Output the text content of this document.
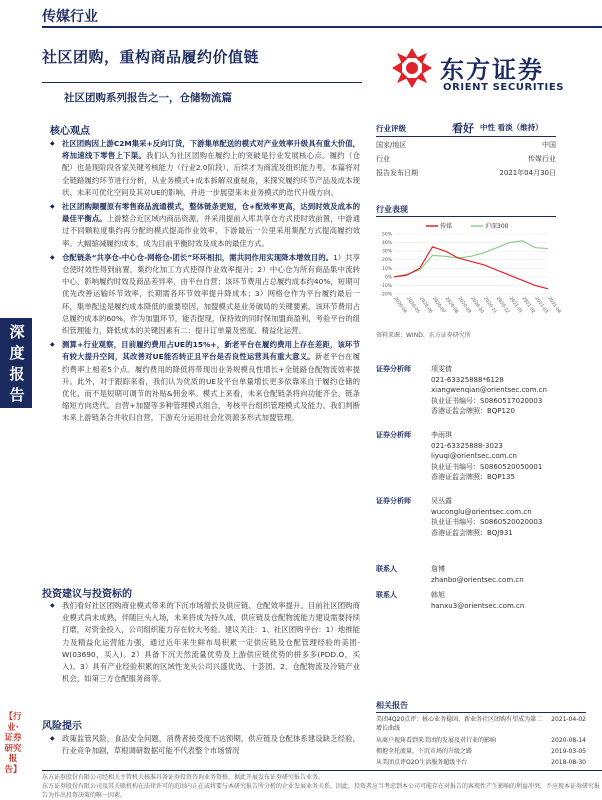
传媒行业
社区团购，重构商品履约价值链
社区团购系列报告之一，仓储物流篇
东方证券
ORIENT SECURITIES
深度报告
【行业·证券研究报告】
核心观点
◆ 社区团购因上游C2M集采+反向订货，下游集单配送的模式对产业效率升级具有重大价值，将加速线下零售上下渠。我们认为社区团购在履约上的突破是行业发展核心点。履约（仓配）也是现阶段各家关键考核能力（行业2.0阶段），后续才为商流及组织能力考。本篇将对全链路履约环节进行分析，从业务模式+成本拆解双重视角，来探究履约环节产品及成本现状、未来可优化空间及其对UE的影响，并进一步展望来未业务模式的迭代升级方向。
◆ 社区团购颠覆原有零售商品流通模式，整体链条更短，仓+配效率更高，达到时效及成本的最佳平衡点。上游整合近区域内商品资源，并采用提前入库共享仓方式使时效前置，中游通过不同颗粒度集约再分配的模式提高作业效率，下游最后一公里采用集配方式提高履约效率。大幅缩减履约成本，成为目前平衡时效及成本的最佳方式。
◆ 仓配链条“共享仓-中心仓-网格仓-团长”环环相扣，需共同作用实现降本增效目的。1）共享仓使时效性得到前置，集约化加工方式使得作业效率提升；2）中心仓为所有商品集中流转中心，影响履约时效及商品差异率，由平台自营；该环节费用占总履约成本约40%，短期可优先改善运输环节效率，长期需各环节效率提升降成本；3）网格仓作为平台履约最后一环，集单配送是履约成本降低的重要原因，加盟模式是业务破局的关键要素。该环节费用占总履约成本的60%，作为加盟环节，能否提现，保持效的同时保加盟商盈利，考验平台的组织管理能力，降低成本的关键因素有二：提升订单量及密度、精益化运营。
◆ 测算+行业观察，目前履约费用占UE的15%+，新老平台在履约费用上存在差距，该环节有较大提升空间，其改善对UE能否转正且平台是否良性运营具有重大意义。新老平台在履约费率上相差5个点。履约费用的降低将带现出业务规模良性增长+全链路仓配物流效率提升。此外，对于跟踪来看，我们认为优质的UE及平台单量增长更多依靠来自于履约仓储的优化，而不是短期可调节的补贴&佣金率。模式上来看，未来仓配链条将向功能齐全、链条缩短方向迭代。自营+加盟等多种管理模式组合，考核平台组织管理模式及能力。我们判断未来上游链条合并收归自营，下游充分运用社会化资源多形式加盟管理。
投资建议与投资标的
◆ 我们看好社区团购商业模式带来的下沉市场增长及供应链、仓配效率提升。目前社区团购商业模式尚未成熟，伴随巨头入场，未来将成为持久战，供应链及仓配物流能力建设需要持续打磨，对资金投入，公司组织能力存在较大考验。建议关注：1、社区团购平台：1）地推能力及精益化运营能力强，通过近年来生鲜布局积累一定供应链及仓配管理经验的美团-W(03690，买入)。2）具备下沉天然流量优势及上游供应链优势的拼多多(PDD.O，买入)。3）具有产业经验积累的区域性龙头公司兴盛优选、十荟团。2、仓配物流及冷链产业机会，如第三方仓配服务商等。
风险提示
◆ 政策监管风险，食品安全问题，消费者接受度不达预期，供应链及仓配体系建设缺乏经验，行业竞争加剧，草根调研数据可能不代表整个市场情况
行业评级	看好 中性 看淡（维持）
国家/地区	中国
行业	传媒行业
报告发布日期	2021年04月30日
行业表现
-20%
-10%
0%
10%
20%
30%
40%
50%
2020-04
2020-05
2020-06
2020-07
2020-08
2020-09
2020-10
2020-11
2020-12
2021-01
2021-02
2021-03
2021-04
传媒	沪深300
资料来源：WIND、东方证券研究所
证券分析师	项雯倩
021-63325888*6128
xiangwenqian@orientsec.com.cn
执业证书编号：S0860517020003
香港证监会牌照：BQP120
证券分析师	李雨琪
021-63325888-3023
liyuqi@orientsec.com.cn
执业证书编号：S0860520050001
香港证监会牌照：BQP135
证券分析师	吴丛露
wuconglu@orientsec.com.cn
执业证书编号：S0860520020003
香港证监会牌照：BQJ931
联系人	詹博
zhanbo@orientsec.com.cn
联系人	韩旭
hanxu3@orientsec.com.cn
相关报告
美团4Q20点评：核心业务稳固，新业务社区团购有望成为第二增长曲线
2021-04-02
从商户视角看到来美团的发展及对行业的影响	2020-08-14
拥抱全托流量，下沉市场的升级之路	2019-03-05
从美团点评O2O生活服务超级平台	2018-08-30
东方证券股份有限公司经相关主管机关核准具备证券投资咨询业务资格，据此开展发布证券研究报告业务。
东方证券股份有限公司及其关联机构在法律许可的范围内正在或将要与本研究报告所分析的企业发展业务关系。因此，投资者应当考虑到本公司可能存在对报告的客观性产生影响的利益冲突，不应视本证券研究报告为作出投资决策的唯一因素。
